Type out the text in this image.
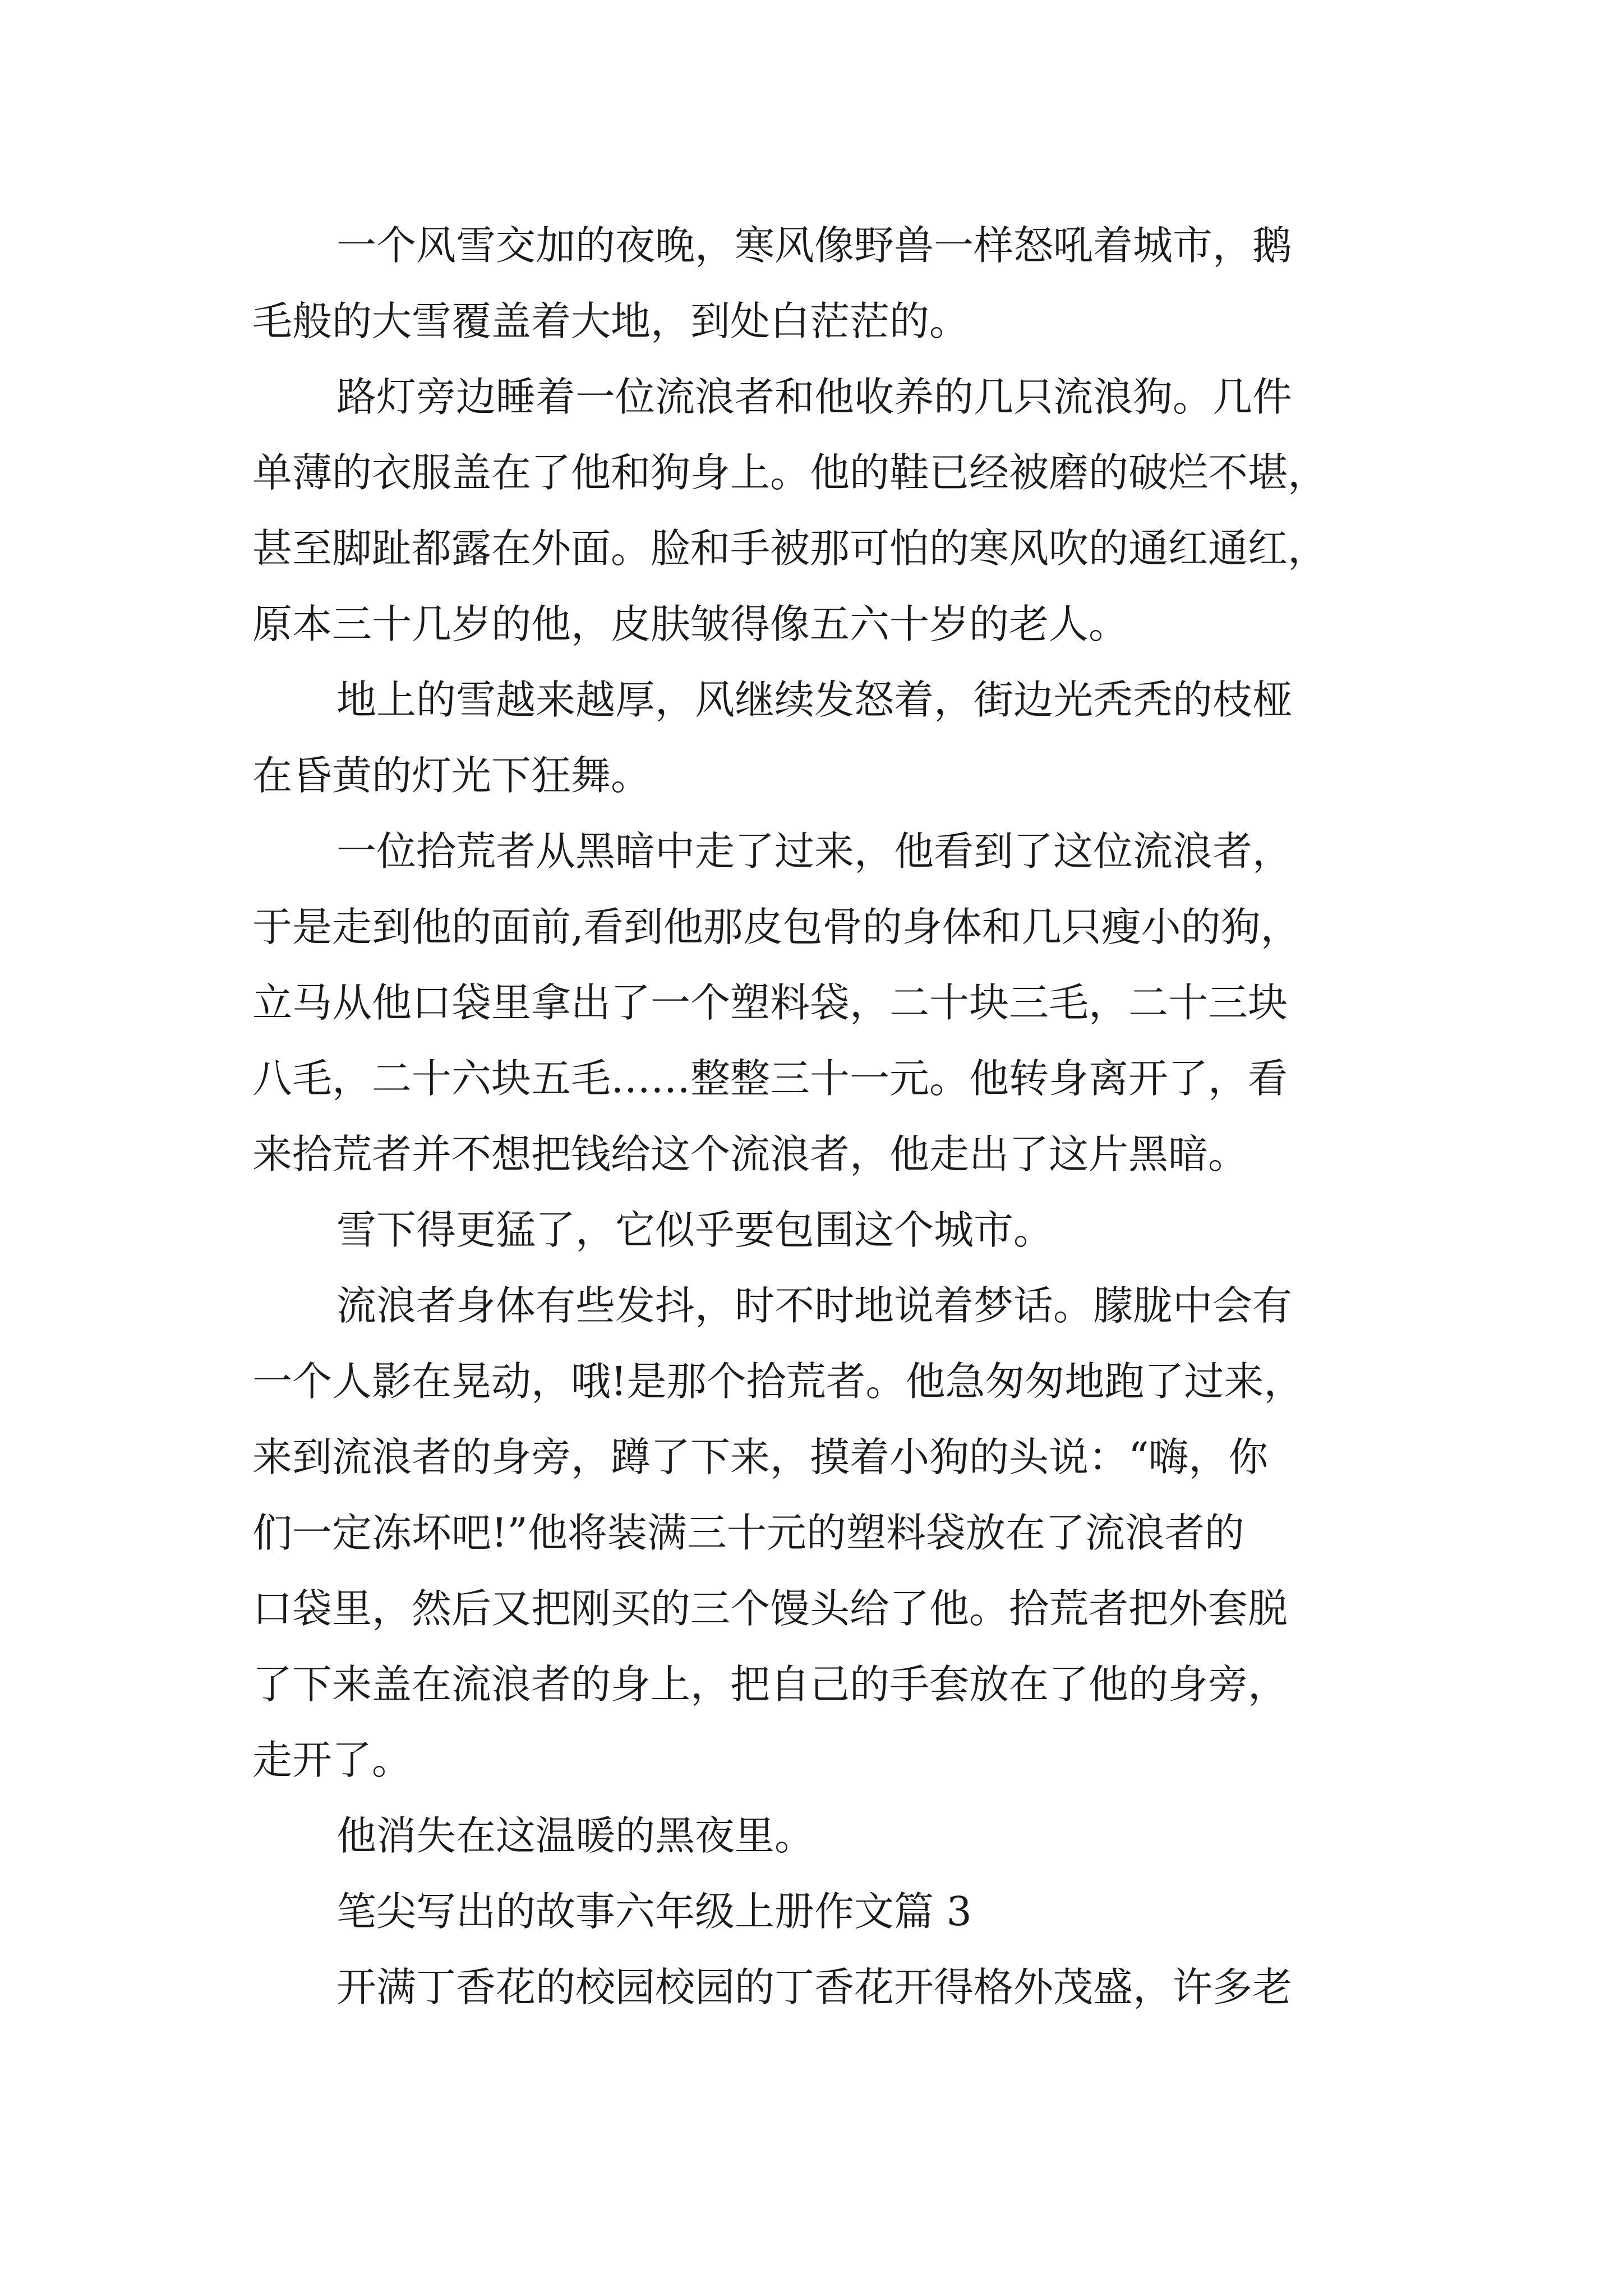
一个风雪交加的夜晚，寒风像野兽一样怒吼着城市，鹅

毛般的大雪覆盖着大地，到处白茫茫的。

路灯旁边睡着一位流浪者和他收养的几只流浪狗。几件

单薄的衣服盖在了他和狗身上。他的鞋已经被磨的破烂不堪，

甚至脚趾都露在外面。脸和手被那可怕的寒风吹的通红通红，

原本三十几岁的他，皮肤皱得像五六十岁的老人。

地上的雪越来越厚，风继续发怒着，街边光秃秃的枝桠

在昏黄的灯光下狂舞。

一位拾荒者从黑暗中走了过来，他看到了这位流浪者，

于是走到他的面前,看到他那皮包骨的身体和几只瘦小的狗，

立马从他口袋里拿出了一个塑料袋，二十块三毛，二十三块

八毛，二十六块五毛……整整三十一元。他转身离开了，看

来拾荒者并不想把钱给这个流浪者，他走出了这片黑暗。

雪下得更猛了，它似乎要包围这个城市。

流浪者身体有些发抖，时不时地说着梦话。朦胧中会有

一个人影在晃动，哦!是那个拾荒者。他急匆匆地跑了过来，

来到流浪者的身旁，蹲了下来，摸着小狗的头说：“嗨，你

们一定冻坏吧!”他将装满三十元的塑料袋放在了流浪者的

口袋里，然后又把刚买的三个馒头给了他。拾荒者把外套脱

了下来盖在流浪者的身上，把自己的手套放在了他的身旁，

走开了。

他消失在这温暖的黑夜里。

笔尖写出的故事六年级上册作文篇 3

开满丁香花的校园校园的丁香花开得格外茂盛，许多老
